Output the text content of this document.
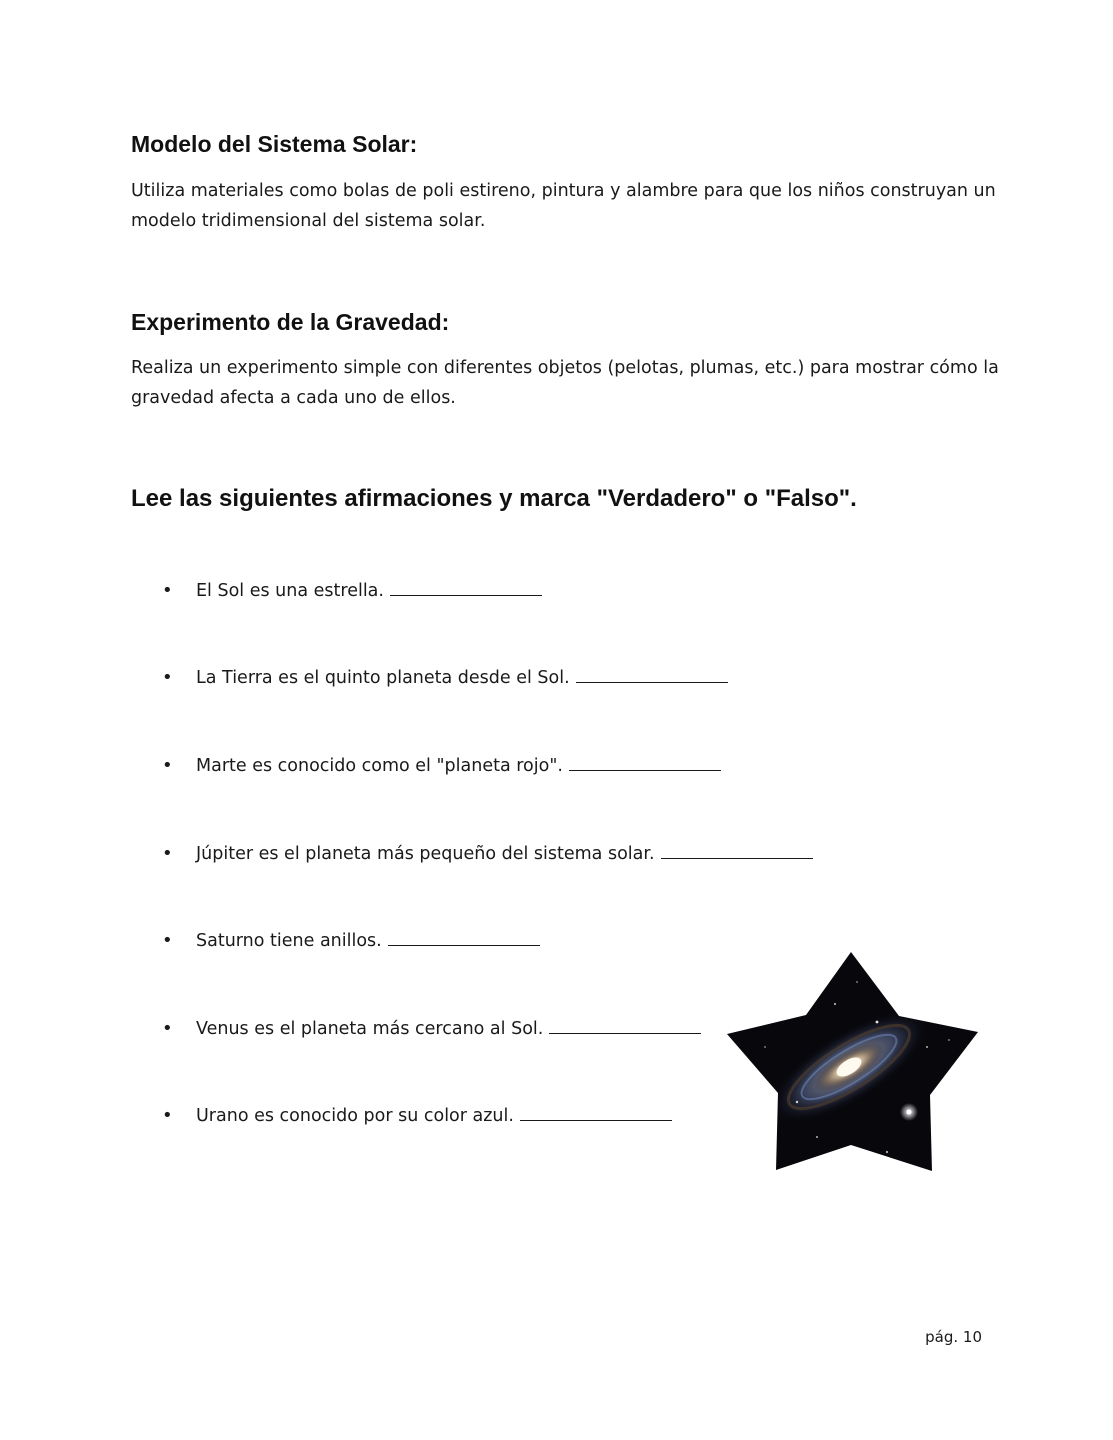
Modelo del Sistema Solar:

Utiliza materiales como bolas de poli estireno, pintura y alambre para que los niños construyan un modelo tridimensional del sistema solar.

Experimento de la Gravedad:

Realiza un experimento simple con diferentes objetos (pelotas, plumas, etc.) para mostrar cómo la gravedad afecta a cada uno de ellos.

Lee las siguientes afirmaciones y marca "Verdadero" o "Falso".
• El Sol es una estrella.
• La Tierra es el quinto planeta desde el Sol.
• Marte es conocido como el "planeta rojo".
• Júpiter es el planeta más pequeño del sistema solar.
• Saturno tiene anillos.
• Venus es el planeta más cercano al Sol.
• Urano es conocido por su color azul.
pág. 10
